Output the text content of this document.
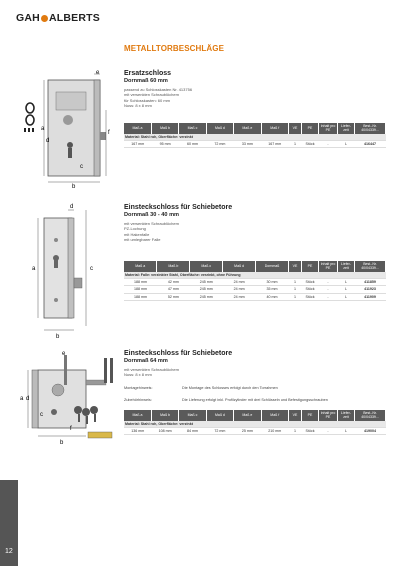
GAH ALBERTS
METALLTORBESCHLÄGE
a
d
b
e
f
c

Ersatzschloss

Dornmaß 60 mm

passend zu Schlosskasten Nr. 413756

mit versenkten Schraublöchern

für Schlosskasten: 60 mm

Nuss: 8 x 8 mm

Maß a	Maß b	Maß c	Maß d	Maß e	Maß f	VE	PE	Inhalt pro PE	Liefer-zeit	Best.-Nr. 40/04339...
Material: Stahl roh, Oberfläche: verzinkt										
167 mm	95 mm	60 mm	72 mm	33 mm	167 mm	1	Stück	-	L	416447
a	c
b
d	Einsteckschloss für Schiebetore

Dornmaß 30 - 40 mm

mit versenkten Schraublöchern

PZ-Lochung

mit Hakenfalle

mit umlegbarer Falle

Maß a	Maß b	Maß c	Maß d	Dornmaß	VE	PE	Inhalt pro PE	Liefer-zeit	Best.-Nr. 40/04339...
Material: Falle: verzinkter Stahl, Oberfläche: verzinkt, ohne Führung									
188 mm	42 mm	245 mm	24 mm	30 mm	1	Stück	-	L	411859
188 mm	47 mm	245 mm	24 mm	35 mm	1	Stück	-	L	411923
188 mm	52 mm	245 mm	24 mm	40 mm	1	Stück	-	L	411909
a d
b
e
c
f

Einsteckschloss für Schiebetore

Dornmaß 64 mm

mit versenkten Schraublöchern

Nuss: 8 x 8 mm

Montagehinweis:	Die Montage des Schlosses erfolgt durch den Torrahmen
Zubehörhinweis:	Die Lieferung erfolgt inkl. Profilzylinder mit drei Schlüsseln und Befestigungsschrauben
Maß a	Maß b	Maß c	Maß d	Maß e	Maß f	VE	PE	Inhalt pro PE	Liefer-zeit	Best.-Nr. 40/04339...
Material: Stahl roh, Oberfläche: verzinkt										
136 mm	108 mm	84 mm	72 mm	25 mm	210 mm	1	Stück	-	L	419004
12
